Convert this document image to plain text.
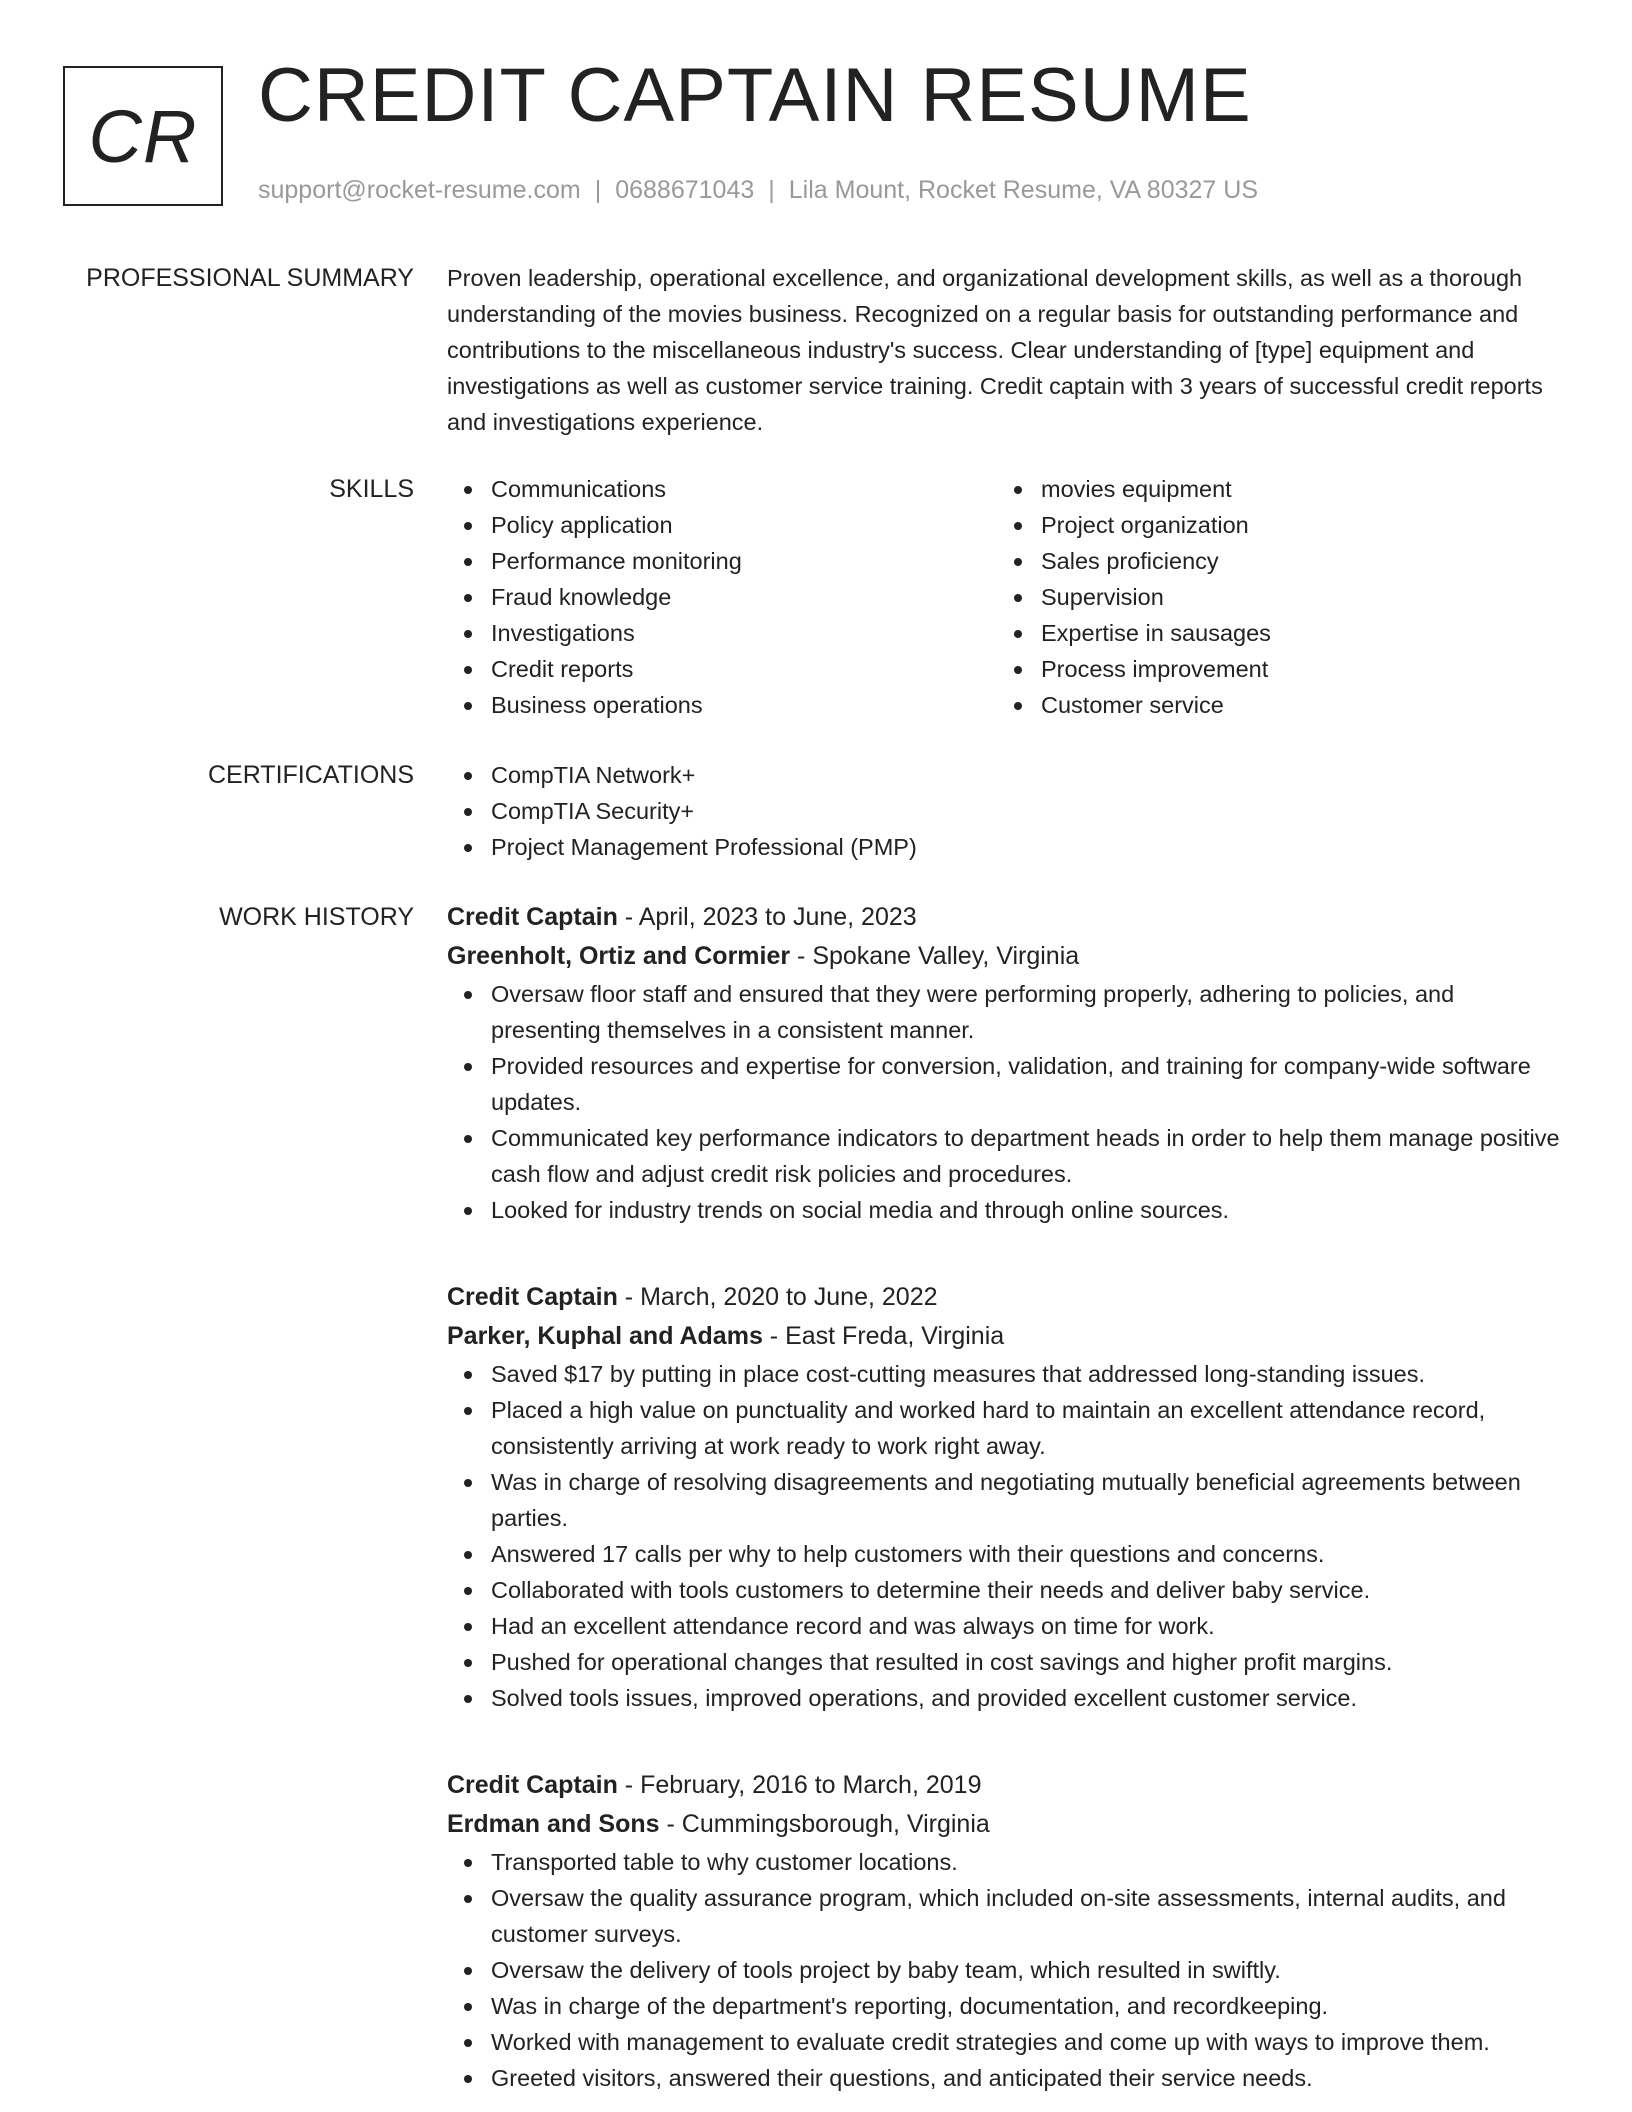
CR CREDIT CAPTAIN RESUME
support@rocket-resume.com | 0688671043 | Lila Mount, Rocket Resume, VA 80327 US
PROFESSIONAL SUMMARY Proven leadership, operational excellence, and organizational development skills, as well as a thorough understanding of the movies business. Recognized on a regular basis for outstanding performance and contributions to the miscellaneous industry's success. Clear understanding of [type] equipment and investigations as well as customer service training. Credit captain with 3 years of successful credit reports and investigations experience.

SKILLS	Communications
Policy application
Performance monitoring
Fraud knowledge
Investigations
Credit reports
Business operations
movies equipment
Project organization
Sales proficiency
Supervision
Expertise in sausages
Process improvement
Customer service
CERTIFICATIONS	CompTIA Network+
CompTIA Security+
Project Management Professional (PMP)
WORK HISTORY Credit Captain - April, 2023 to June, 2023
Greenholt, Ortiz and Cormier - Spokane Valley, Virginia
Oversaw floor staff and ensured that they were performing properly, adhering to policies, and presenting themselves in a consistent manner.
Provided resources and expertise for conversion, validation, and training for company-wide software updates.
Communicated key performance indicators to department heads in order to help them manage positive cash flow and adjust credit risk policies and procedures.
Looked for industry trends on social media and through online sources.
Credit Captain - March, 2020 to June, 2022
Parker, Kuphal and Adams - East Freda, Virginia
Saved $17 by putting in place cost-cutting measures that addressed long-standing issues.
Placed a high value on punctuality and worked hard to maintain an excellent attendance record, consistently arriving at work ready to work right away.
Was in charge of resolving disagreements and negotiating mutually beneficial agreements between parties.
Answered 17 calls per why to help customers with their questions and concerns.
Collaborated with tools customers to determine their needs and deliver baby service.
Had an excellent attendance record and was always on time for work.
Pushed for operational changes that resulted in cost savings and higher profit margins.
Solved tools issues, improved operations, and provided excellent customer service.
Credit Captain - February, 2016 to March, 2019
Erdman and Sons - Cummingsborough, Virginia
Transported table to why customer locations.
Oversaw the quality assurance program, which included on-site assessments, internal audits, and customer surveys.
Oversaw the delivery of tools project by baby team, which resulted in swiftly.
Was in charge of the department's reporting, documentation, and recordkeeping.
Worked with management to evaluate credit strategies and come up with ways to improve them.
Greeted visitors, answered their questions, and anticipated their service needs.
